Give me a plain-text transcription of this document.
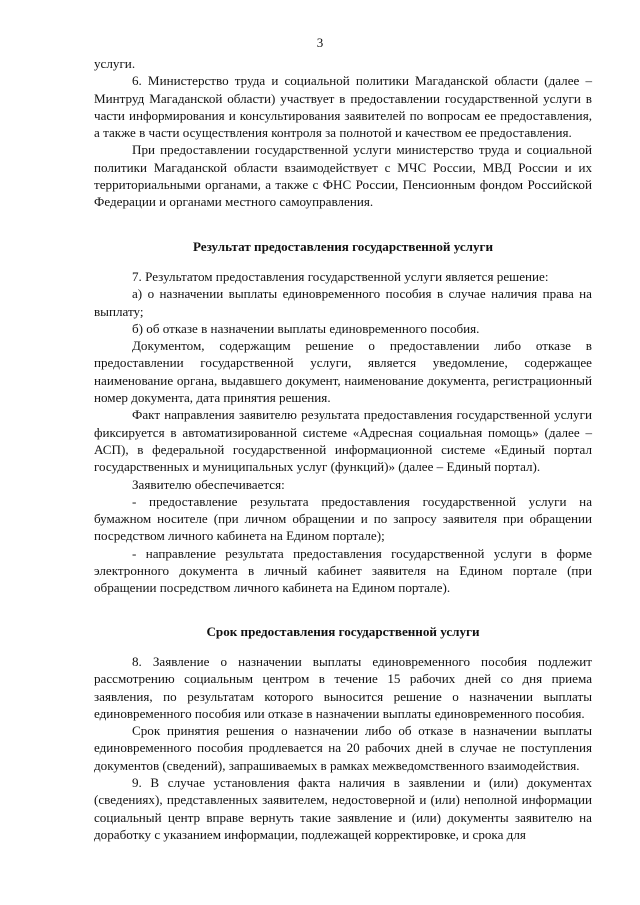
3

услуги.

6. Министерство труда и социальной политики Магаданской области (далее – Минтруд Магаданской области) участвует в предоставлении государственной услуги в части информирования и консультирования заявителей по вопросам ее предоставления, а также в части осуществления контроля за полнотой и качеством ее предоставления.

При предоставлении государственной услуги министерство труда и социальной политики Магаданской области взаимодействует с МЧС России, МВД России и их территориальными органами, а также с ФНС России, Пенсионным фондом Российской Федерации и органами местного самоуправления.

Результат предоставления государственной услуги

7. Результатом предоставления государственной услуги является решение:

а) о назначении выплаты единовременного пособия в случае наличия права на выплату;

б) об отказе в назначении выплаты единовременного пособия.

Документом, содержащим решение о предоставлении либо отказе в предоставлении государственной услуги, является уведомление, содержащее наименование органа, выдавшего документ, наименование документа, регистрационный номер документа, дата принятия решения.

Факт направления заявителю результата предоставления государственной услуги фиксируется в автоматизированной системе «Адресная социальная помощь» (далее – АСП), в федеральной государственной информационной системе «Единый портал государственных и муниципальных услуг (функций)» (далее – Единый портал).

Заявителю обеспечивается:

- предоставление результата предоставления государственной услуги на бумажном носителе (при личном обращении и по запросу заявителя при обращении посредством личного кабинета на Едином портале);

- направление результата предоставления государственной услуги в форме электронного документа в личный кабинет заявителя на Едином портале (при обращении посредством личного кабинета на Едином портале).

Срок предоставления государственной услуги

8. Заявление о назначении выплаты единовременного пособия подлежит рассмотрению социальным центром в течение 15 рабочих дней со дня приема заявления, по результатам которого выносится решение о назначении выплаты единовременного пособия или отказе в назначении выплаты единовременного пособия.

Срок принятия решения о назначении либо об отказе в назначении выплаты единовременного пособия продлевается на 20 рабочих дней в случае не поступления документов (сведений), запрашиваемых в рамках межведомственного взаимодействия.

9. В случае установления факта наличия в заявлении и (или) документах (сведениях), представленных заявителем, недостоверной и (или) неполной информации социальный центр вправе вернуть такие заявление и (или) документы заявителю на доработку с указанием информации, подлежащей корректировке, и срока для
